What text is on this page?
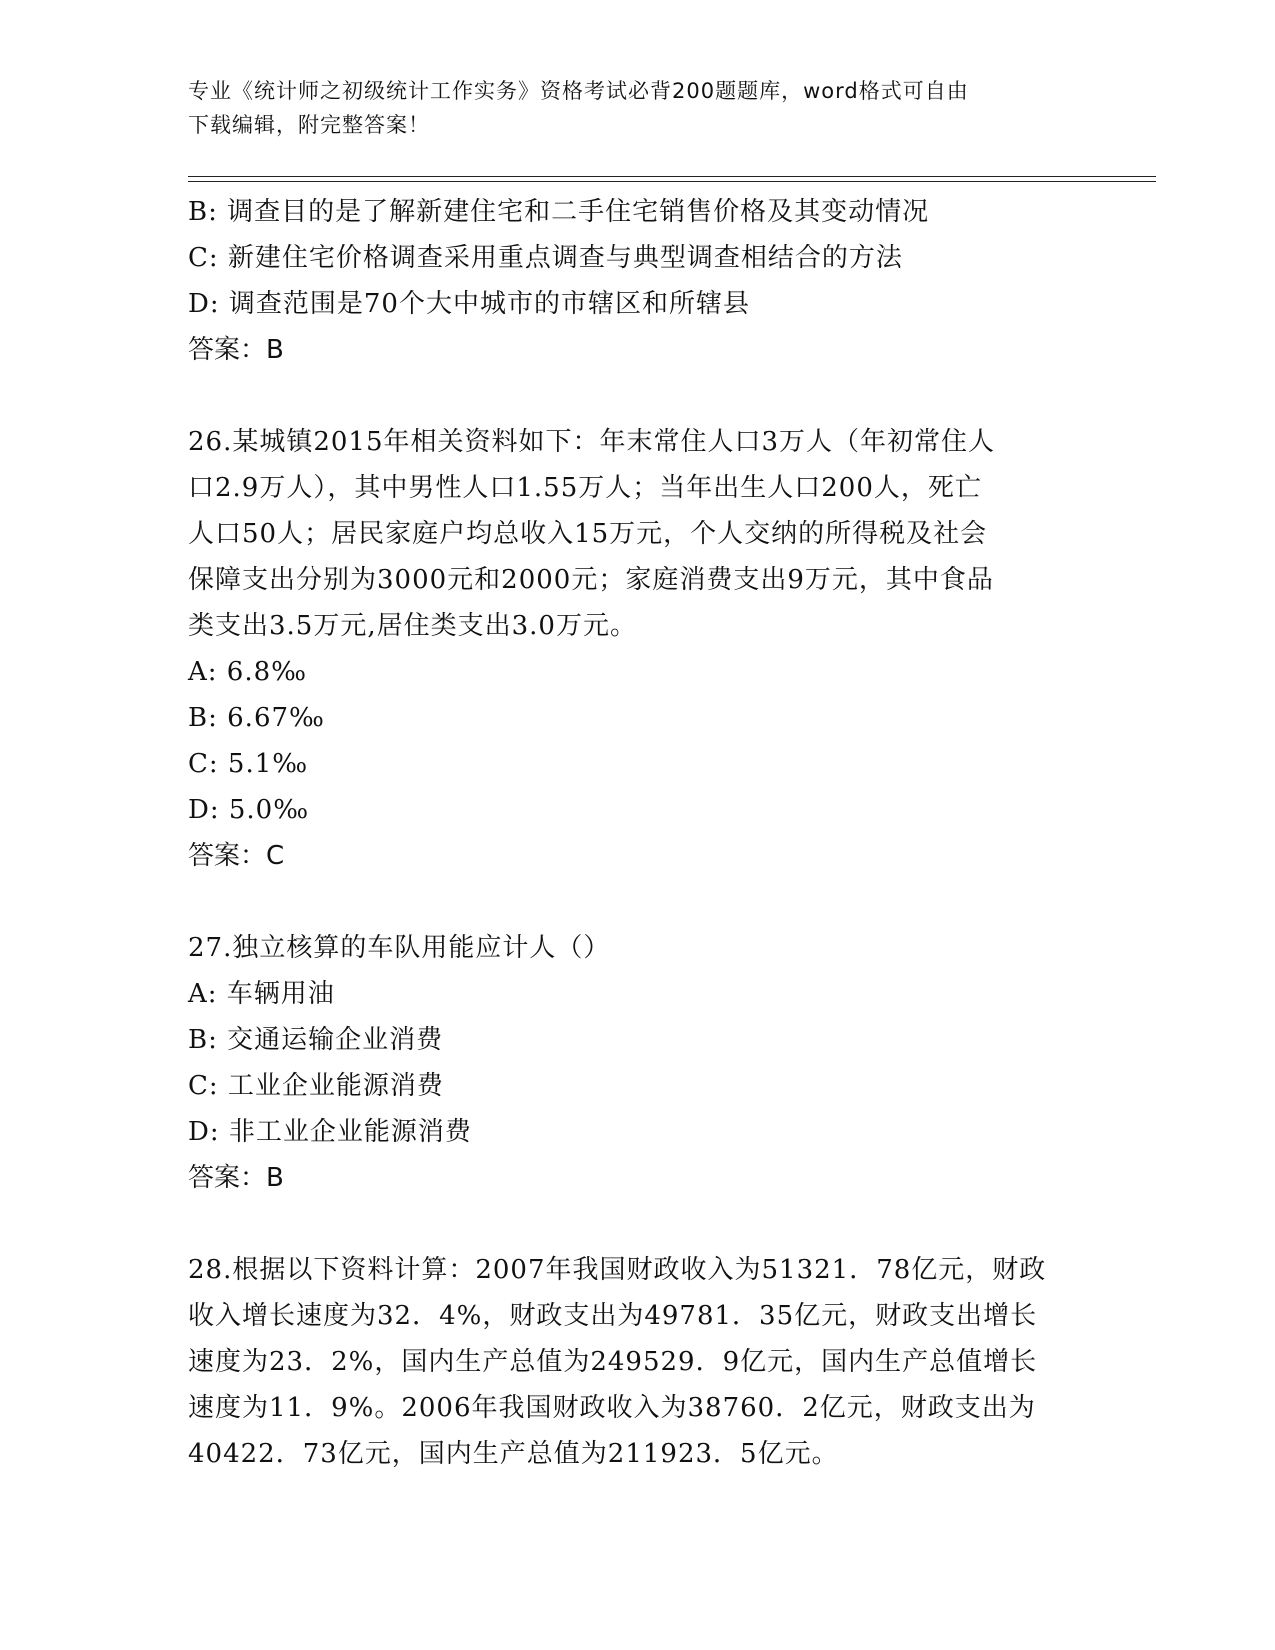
专业《统计师之初级统计工作实务》资格考试必背200题题库，word格式可自由
下载编辑，附完整答案！
B: 调查目的是了解新建住宅和二手住宅销售价格及其变动情况
C: 新建住宅价格调查采用重点调查与典型调查相结合的方法
D: 调查范围是70个大中城市的市辖区和所辖县
答案：B
26.某城镇2015年相关资料如下：年末常住人口3万人（年初常住人
口2.9万人），其中男性人口1.55万人；当年出生人口200人，死亡
人口50人；居民家庭户均总收入15万元，个人交纳的所得税及社会
保障支出分别为3000元和2000元；家庭消费支出9万元，其中食品
类支出3.5万元,居住类支出3.0万元。
A: 6.8‰
B: 6.67‰
C: 5.1‰
D: 5.0‰
答案：C
27.独立核算的车队用能应计人（）
A: 车辆用油
B: 交通运输企业消费
C: 工业企业能源消费
D: 非工业企业能源消费
答案：B
28.根据以下资料计算：2007年我国财政收入为51321．78亿元，财政
收入增长速度为32．4%，财政支出为49781．35亿元，财政支出增长
速度为23．2%，国内生产总值为249529．9亿元，国内生产总值增长
速度为11．9%。2006年我国财政收入为38760．2亿元，财政支出为
40422．73亿元，国内生产总值为211923．5亿元。
